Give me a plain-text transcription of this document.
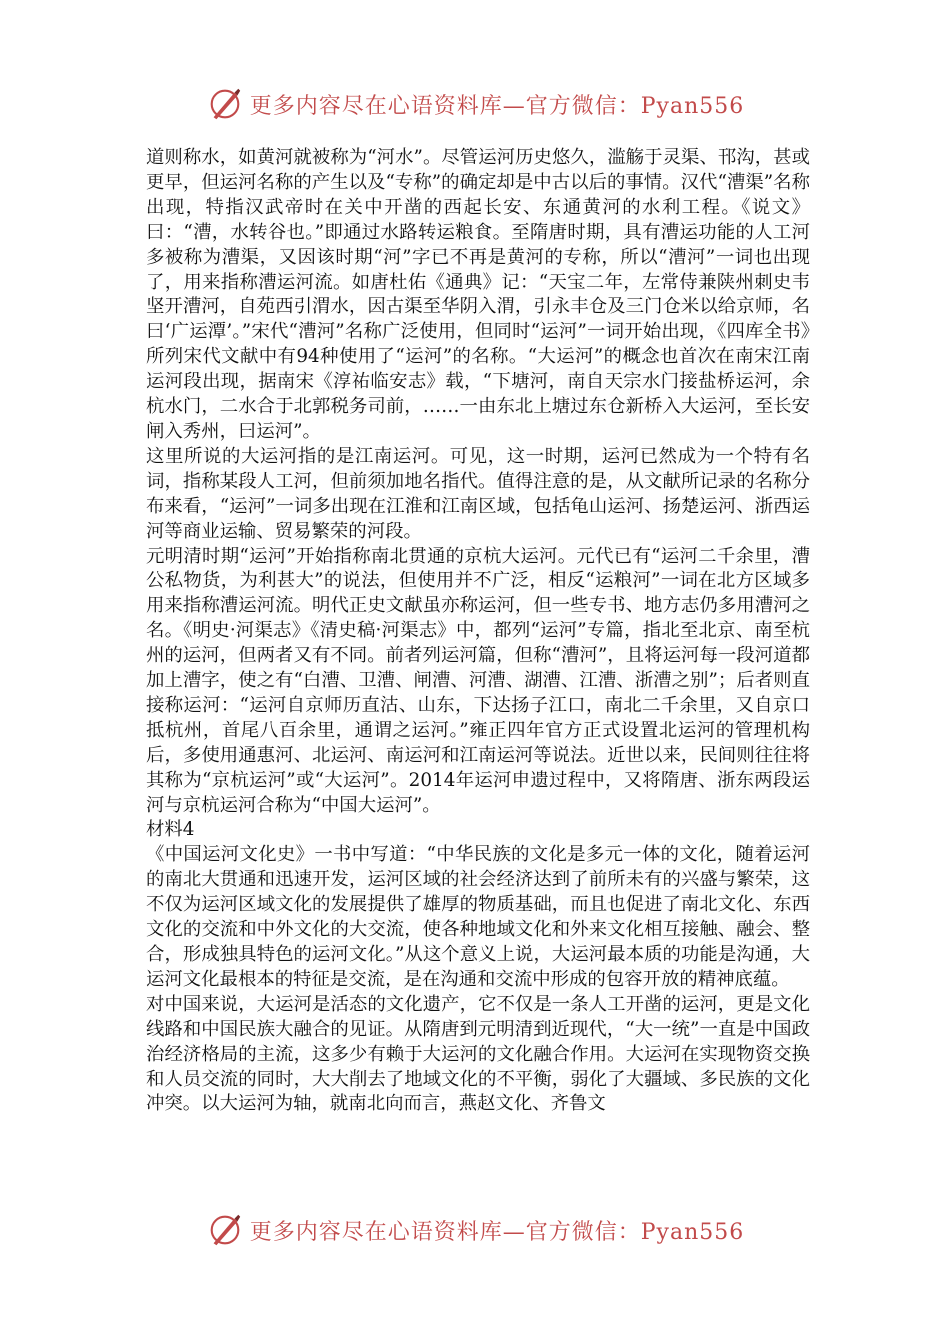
更多内容尽在心语资料库—官方微信：Pyan556

道则称水，如黄河就被称为“河水”。尽管运河历史悠久，滥觞于灵渠、邗沟，甚或更早，但运河名称的产生以及“专称”的确定却是中古以后的事情。汉代“漕渠”名称出现，特指汉武帝时在关中开凿的西起长安、东通黄河的水利工程。《说文》曰：“漕，水转谷也。”即通过水路转运粮食。至隋唐时期，具有漕运功能的人工河多被称为漕渠，又因该时期“河”字已不再是黄河的专称，所以“漕河”一词也出现了，用来指称漕运河流。如唐杜佑《通典》记：“天宝二年，左常侍兼陕州刺史韦坚开漕河，自苑西引渭水，因古渠至华阴入渭，引永丰仓及三门仓米以给京师，名曰‘广运潭’。”宋代“漕河”名称广泛使用，但同时“运河”一词开始出现，《四库全书》所列宋代文献中有94种使用了“运河”的名称。“大运河”的概念也首次在南宋江南运河段出现，据南宋《淳祐临安志》载，“下塘河，南自天宗水门接盐桥运河，余杭水门，二水合于北郭税务司前，……一由东北上塘过东仓新桥入大运河，至长安闸入秀州，曰运河”。

这里所说的大运河指的是江南运河。可见，这一时期，运河已然成为一个特有名词，指称某段人工河，但前须加地名指代。值得注意的是，从文献所记录的名称分布来看，“运河”一词多出现在江淮和江南区域，包括龟山运河、扬楚运河、浙西运河等商业运输、贸易繁荣的河段。

元明清时期“运河”开始指称南北贯通的京杭大运河。元代已有“运河二千余里，漕公私物货，为利甚大”的说法，但使用并不广泛，相反“运粮河”一词在北方区域多用来指称漕运河流。明代正史文献虽亦称运河，但一些专书、地方志仍多用漕河之名。《明史·河渠志》《清史稿·河渠志》中，都列“运河”专篇，指北至北京、南至杭州的运河，但两者又有不同。前者列运河篇，但称“漕河”，且将运河每一段河道都加上漕字，使之有“白漕、卫漕、闸漕、河漕、湖漕、江漕、浙漕之别”；后者则直接称运河：“运河自京师历直沽、山东，下达扬子江口，南北二千余里，又自京口抵杭州，首尾八百余里，通谓之运河。”雍正四年官方正式设置北运河的管理机构后，多使用通惠河、北运河、南运河和江南运河等说法。近世以来，民间则往往将其称为“京杭运河”或“大运河”。2014年运河申遗过程中，又将隋唐、浙东两段运河与京杭运河合称为“中国大运河”。

材料4

《中国运河文化史》一书中写道：“中华民族的文化是多元一体的文化，随着运河的南北大贯通和迅速开发，运河区域的社会经济达到了前所未有的兴盛与繁荣，这不仅为运河区域文化的发展提供了雄厚的物质基础，而且也促进了南北文化、东西文化的交流和中外文化的大交流，使各种地域文化和外来文化相互接触、融会、整合，形成独具特色的运河文化。”从这个意义上说，大运河最本质的功能是沟通，大运河文化最根本的特征是交流，是在沟通和交流中形成的包容开放的精神底蕴。

对中国来说，大运河是活态的文化遗产，它不仅是一条人工开凿的运河，更是文化线路和中国民族大融合的见证。从隋唐到元明清到近现代，“大一统”一直是中国政治经济格局的主流，这多少有赖于大运河的文化融合作用。大运河在实现物资交换和人员交流的同时，大大削去了地域文化的不平衡，弱化了大疆域、多民族的文化冲突。以大运河为轴，就南北向而言，燕赵文化、齐鲁文

更多内容尽在心语资料库—官方微信：Pyan556
